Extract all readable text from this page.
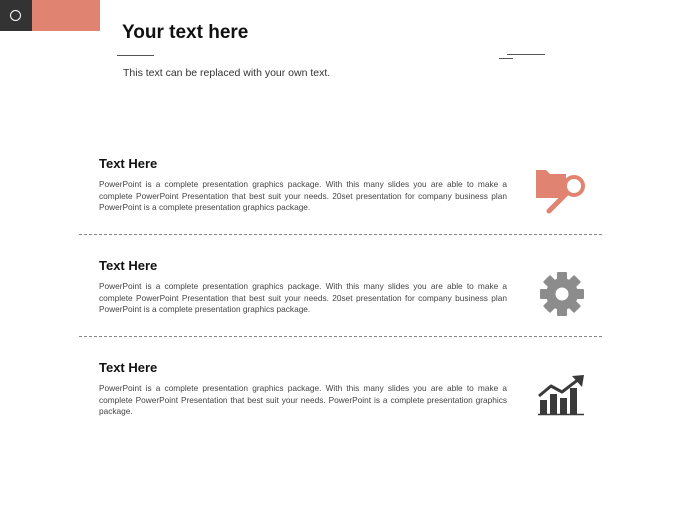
Your text here
This text can be replaced with your own text.
Text Here

PowerPoint is a complete presentation graphics package. With this many slides you are able to make a complete PowerPoint Presentation that best suit your needs. 20set presentation for company business plan PowerPoint is a complete presentation graphics package.

Text Here

PowerPoint is a complete presentation graphics package. With this many slides you are able to make a complete PowerPoint Presentation that best suit your needs. 20set presentation for company business plan PowerPoint is a complete presentation graphics package.

Text Here

PowerPoint is a complete presentation graphics package. With this many slides you are able to make a complete PowerPoint Presentation that best suit your needs. PowerPoint is a complete presentation graphics package.
